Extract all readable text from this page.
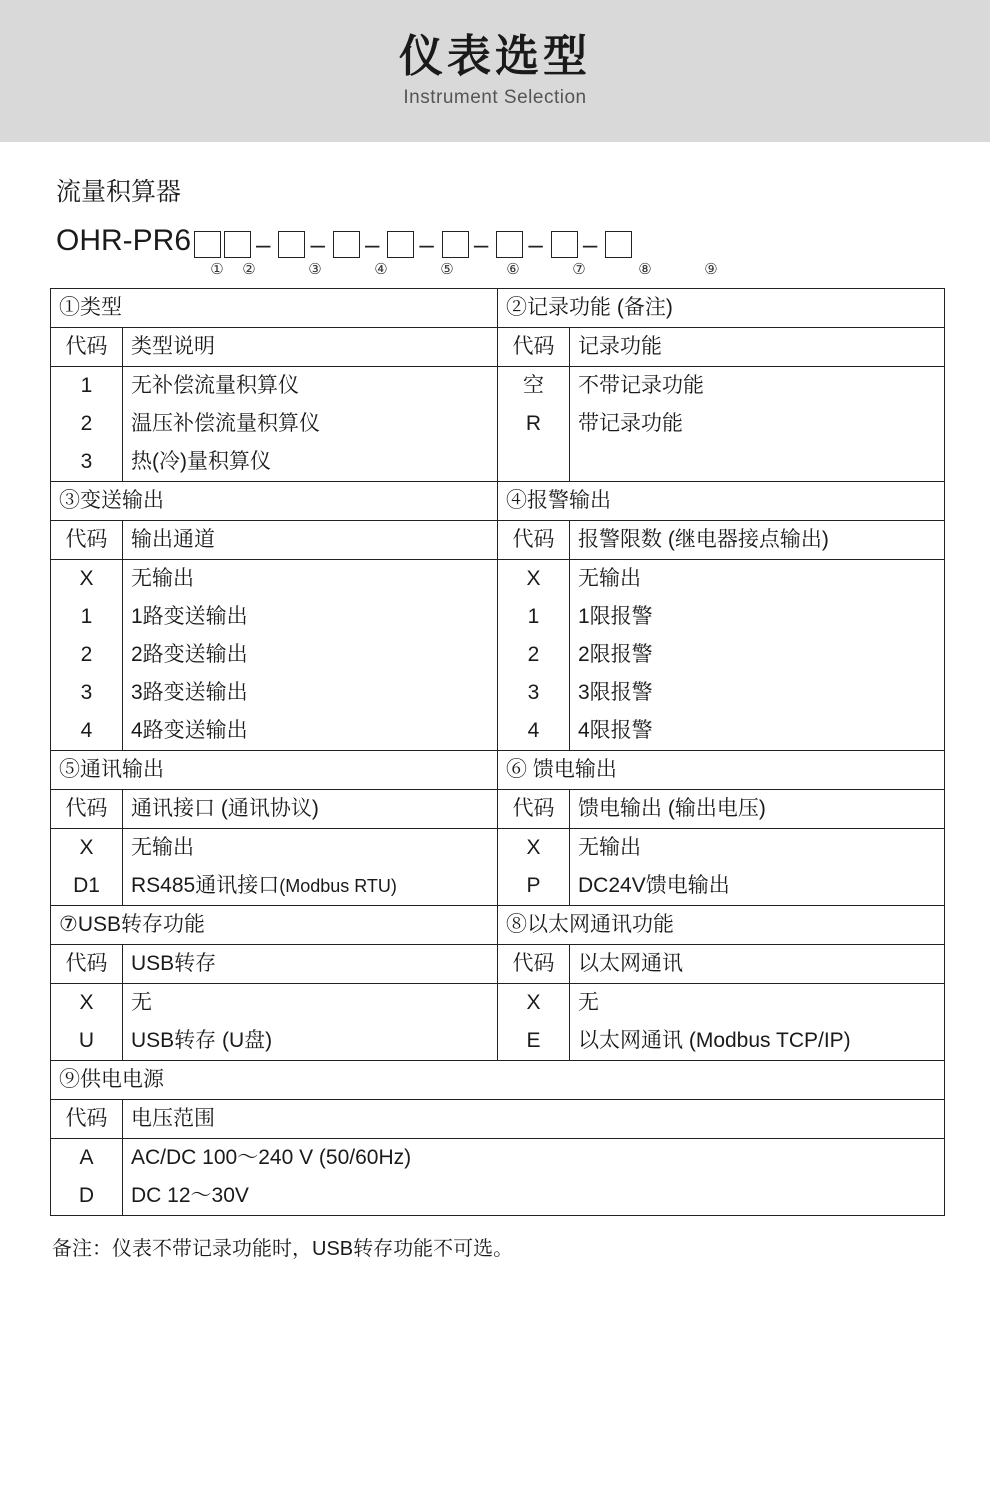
仪表选型
Instrument Selection
流量积算器
OHR-PR6	– – – – – – –
①	②	③	④	⑤	⑥	⑦	⑧	⑨
①类型		②记录功能 (备注)	
代码	类型说明	代码	记录功能
1	无补偿流量积算仪	空	不带记录功能
2	温压补偿流量积算仪	R	带记录功能
3	热(冷)量积算仪		
③变送输出		④报警输出	
代码	输出通道	代码	报警限数 (继电器接点输出)
X	无输出	X	无输出
1	1路变送输出	1	1限报警
2	2路变送输出	2	2限报警
3	3路变送输出	3	3限报警
4	4路变送输出	4	4限报警
⑤通讯输出		⑥ 馈电输出	
代码	通讯接口 (通讯协议)	代码	馈电输出 (输出电压)
X	无输出	X	无输出
D1	RS485通讯接口(Modbus RTU)	P	DC24V馈电输出
⑦USB转存功能		⑧以太网通讯功能	
代码	USB转存	代码	以太网通讯
X	无	X	无
U	USB转存 (U盘)	E	以太网通讯 (Modbus TCP/IP)
⑨供电电源			
代码	电压范围		
A	AC/DC 100～240 V (50/60Hz)		
D	DC 12～30V		
备注：仪表不带记录功能时，USB转存功能不可选。
